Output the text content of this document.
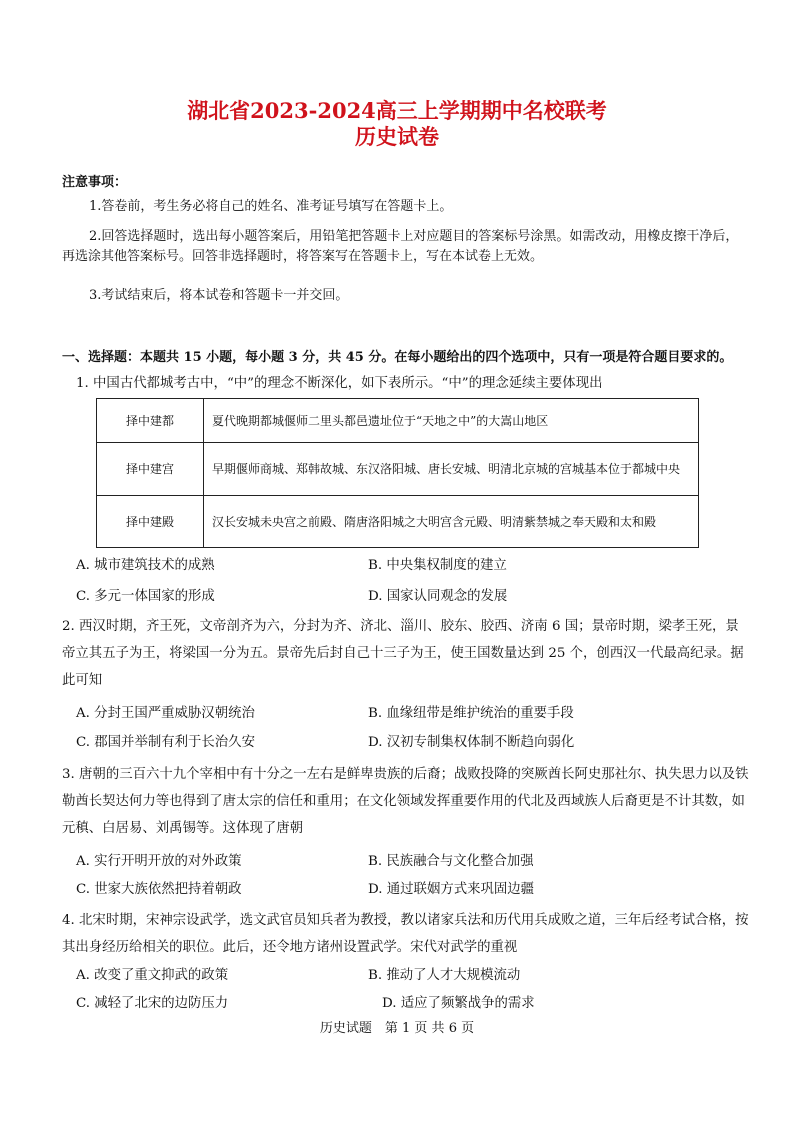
湖北省2023-2024高三上学期期中名校联考
历史试卷
注意事项：
1.答卷前，考生务必将自己的姓名、准考证号填写在答题卡上。
2.回答选择题时，选出每小题答案后，用铅笔把答题卡上对应题目的答案标号涂黑。如需改动，用橡皮擦干净后，再选涂其他答案标号。回答非选择题时，将答案写在答题卡上，写在本试卷上无效。
3.考试结束后，将本试卷和答题卡一并交回。
一、选择题：本题共 15 小题，每小题 3 分，共 45 分。在每小题给出的四个选项中，只有一项是符合题目要求的。
1. 中国古代都城考古中，“中”的理念不断深化，如下表所示。“中”的理念延续主要体现出
择中建都	夏代晚期都城偃师二里头都邑遗址位于“天地之中”的大嵩山地区
择中建宫	早期偃师商城、郑韩故城、东汉洛阳城、唐长安城、明清北京城的宫城基本位于都城中央
择中建殿	汉长安城未央宫之前殿、隋唐洛阳城之大明宫含元殿、明清紫禁城之奉天殿和太和殿
A. 城市建筑技术的成熟	B. 中央集权制度的建立
C. 多元一体国家的形成	D. 国家认同观念的发展
2. 西汉时期，齐王死，文帝剖齐为六，分封为齐、济北、淄川、胶东、胶西、济南 6 国；景帝时期，梁孝王死，景帝立其五子为王，将梁国一分为五。景帝先后封自己十三子为王，使王国数量达到 25 个，创西汉一代最高纪录。据此可知
A. 分封王国严重威胁汉朝统治	B. 血缘纽带是维护统治的重要手段
C. 郡国并举制有利于长治久安	D. 汉初专制集权体制不断趋向弱化
3. 唐朝的三百六十九个宰相中有十分之一左右是鲜卑贵族的后裔；战败投降的突厥酋长阿史那社尔、执失思力以及铁勒酋长契达何力等也得到了唐太宗的信任和重用；在文化领域发挥重要作用的代北及西域族人后裔更是不计其数，如元稹、白居易、刘禹锡等。这体现了唐朝
A. 实行开明开放的对外政策	B. 民族融合与文化整合加强
C. 世家大族依然把持着朝政	D. 通过联姻方式来巩固边疆
4. 北宋时期，宋神宗设武学，选文武官员知兵者为教授，教以诸家兵法和历代用兵成败之道，三年后经考试合格，按其出身经历给相关的职位。此后，还令地方诸州设置武学。宋代对武学的重视
A. 改变了重文抑武的政策	B. 推动了人才大规模流动
C. 减轻了北宋的边防压力	D. 适应了频繁战争的需求
历史试题　第 1 页 共 6 页
